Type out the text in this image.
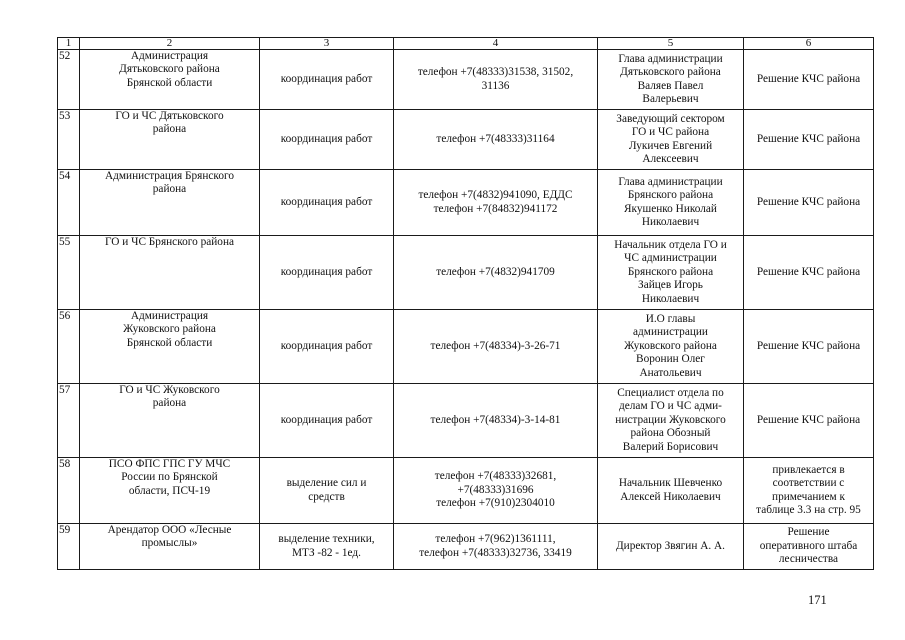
1	2	3	4	5	6
52	Администрация
Дятьковского района
Брянской области	координация работ	телефон +7(48333)31538, 31502,
31136	Глава администрации
Дятьковского района
Валяев Павел
Валерьевич	Решение КЧС района

53	ГО и ЧС Дятьковского
района	координация работ	телефон +7(48333)31164	Заведующий сектором
ГО и ЧС района
Лукичев Евгений
Алексеевич	Решение КЧС района

54	Администрация Брянского
района	координация работ	телефон +7(4832)941090, ЕДДС
телефон +7(84832)941172	Глава администрации
Брянского района
Якушенко Николай
Николаевич	Решение КЧС района

55	ГО и ЧС Брянского района	координация работ	телефон +7(4832)941709	Начальник отдела ГО и
ЧС администрации
Брянского района
Зайцев Игорь
Николаевич	Решение КЧС района

56	Администрация
Жуковского района
Брянской области	координация работ	телефон +7(48334)-3-26-71	И.О главы
администрации
Жуковского района
Воронин Олег
Анатольевич	Решение КЧС района

57	ГО и ЧС Жуковского
района	координация работ	телефон +7(48334)-3-14-81	Специалист отдела по
делам ГО и ЧС адми-
нистрации Жуковского
района Обозный
Валерий Борисович	Решение КЧС района

58	ПСО ФПС ГПС ГУ МЧС
России по Брянской
области, ПСЧ-19	выделение сил и
средств	телефон +7(48333)32681,
+7(48333)31696
телефон +7(910)2304010	Начальник Шевченко
Алексей Николаевич	привлекается в
соответствии с
примечанием к
таблице 3.3 на стр. 95

59	Арендатор ООО «Лесные
промыслы»	выделение техники,
МТЗ -82 - 1ед.	телефон +7(962)1361111,
телефон +7(48333)32736, 33419	Директор Звягин А. А.	Решение
оперативного штаба
лесничества
171
